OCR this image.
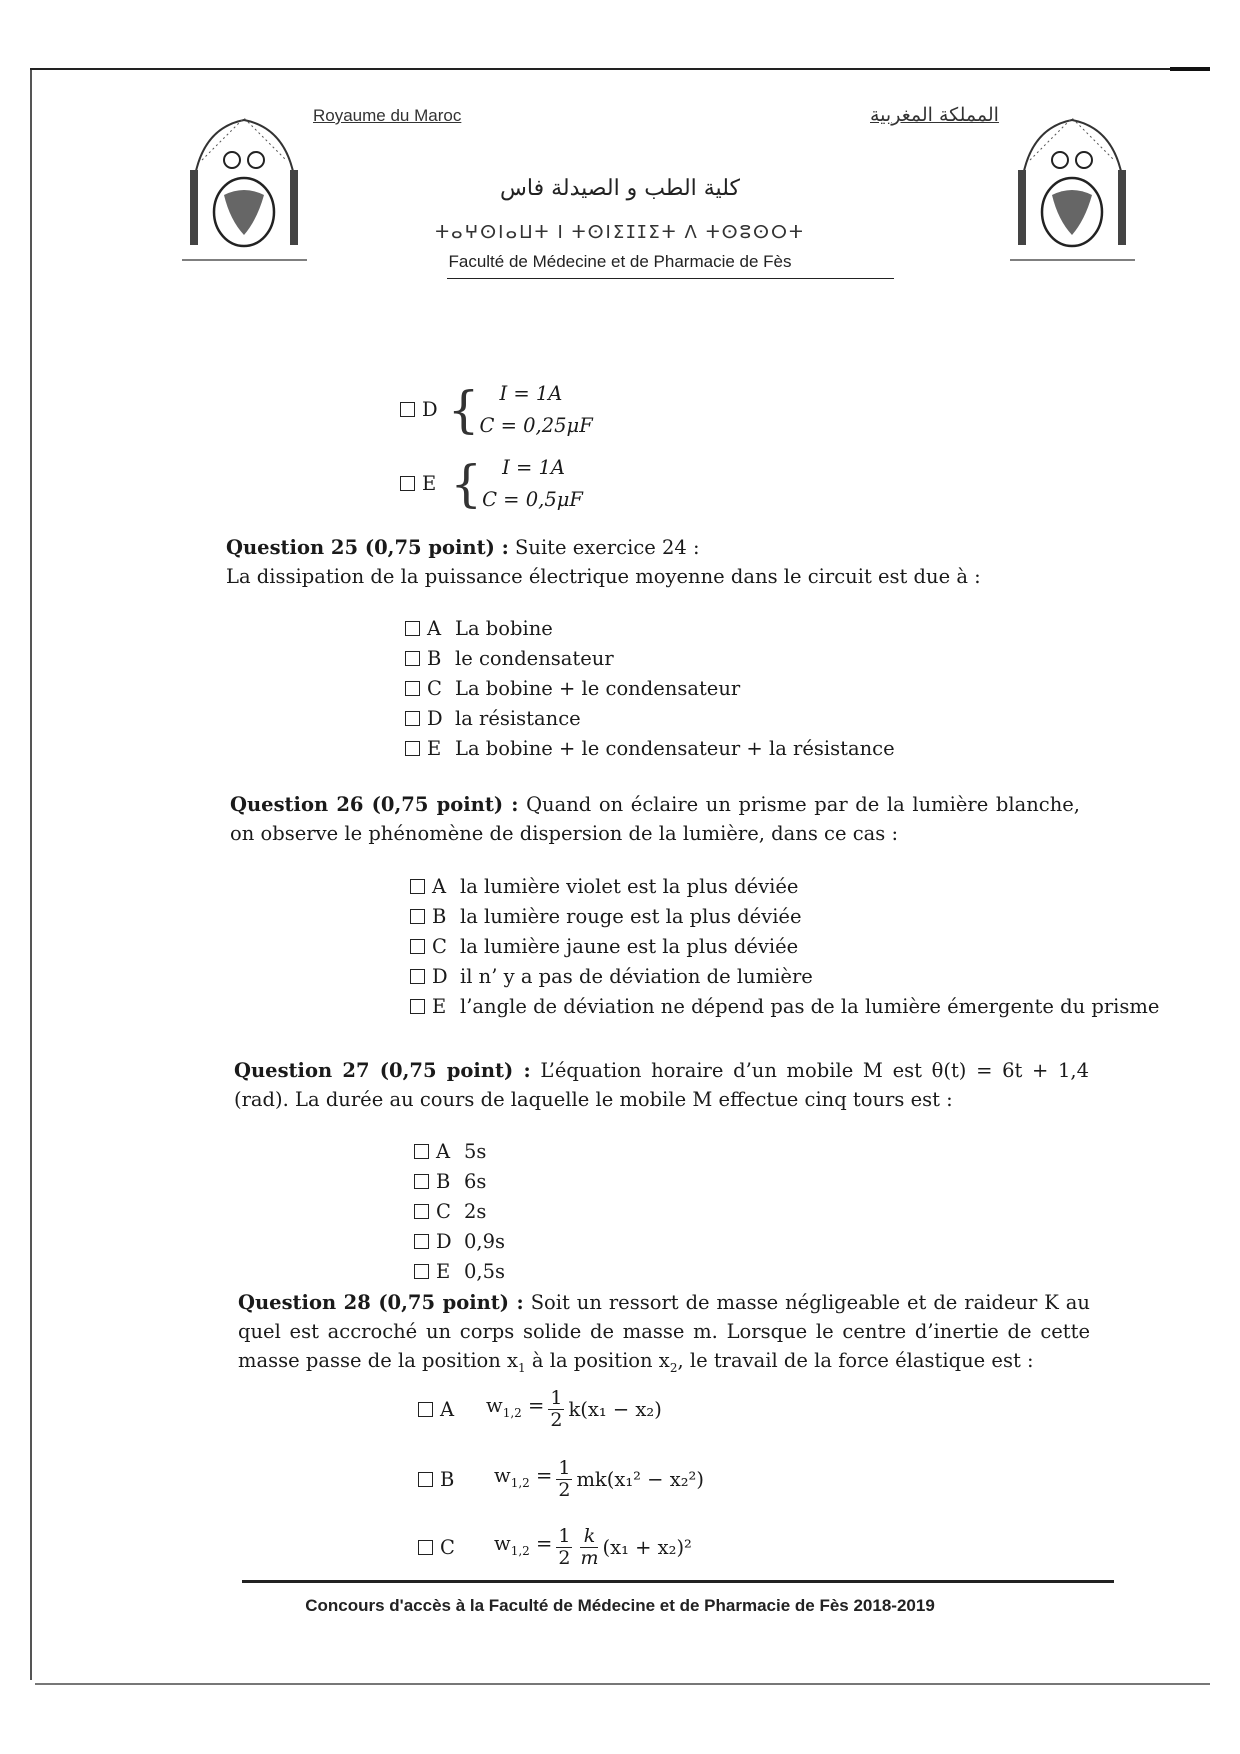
Royaume du Maroc	المملكة المغربية
كلية الطب و الصيدلة فاس
ⵜⴰⵖⵙⵏⴰⵡⵜ ⵏ ⵜⵙⵏⵉⵊⵊⵉⵜ ⴷ ⵜⵙⵓⵙⵔⵜ
Faculté de Médecine et de Pharmacie de Fès
D {	I = 1A
C = 0,25μF
E {	I = 1A
C = 0,5μF
Question 25 (0,75 point) : Suite exercice 24 :
La dissipation de la puissance électrique moyenne dans le circuit est due à :
A La bobine
B le condensateur
C La bobine + le condensateur
D la résistance
E La bobine + le condensateur + la résistance
Question 26 (0,75 point) : Quand on éclaire un prisme par de la lumière blanche, on observe le phénomène de dispersion de la lumière, dans ce cas :
A la lumière violet est la plus déviée
B la lumière rouge est la plus déviée
C la lumière jaune est la plus déviée
D il n’ y a pas de déviation de lumière
E l’angle de déviation ne dépend pas de la lumière émergente du prisme
Question 27 (0,75 point) : L’équation horaire d’un mobile M est θ(t) = 6t + 1,4 (rad). La durée au cours de laquelle le mobile M effectue cinq tours est :
A 5s
B 6s
C 2s
D 0,9s
E 0,5s
Question 28 (0,75 point) : Soit un ressort de masse négligeable et de raideur K au quel est accroché un corps solide de masse m. Lorsque le centre d’inertie de cette masse passe de la position $x_1$ à la position $x_2$, le travail de la force élastique est :
A	$w_{1,2} = \frac{1}{2} k(x_1 - x_2)$
B	$w_{1,2} = \frac{1}{2} mk(x_1^2 - x_2^2)$
C	$w_{1,2} = \frac{1}{2} \frac{k}{m} (x_1 + x_2)^2$
Concours d'accès à la Faculté de Médecine et de Pharmacie de Fès 2018-2019
